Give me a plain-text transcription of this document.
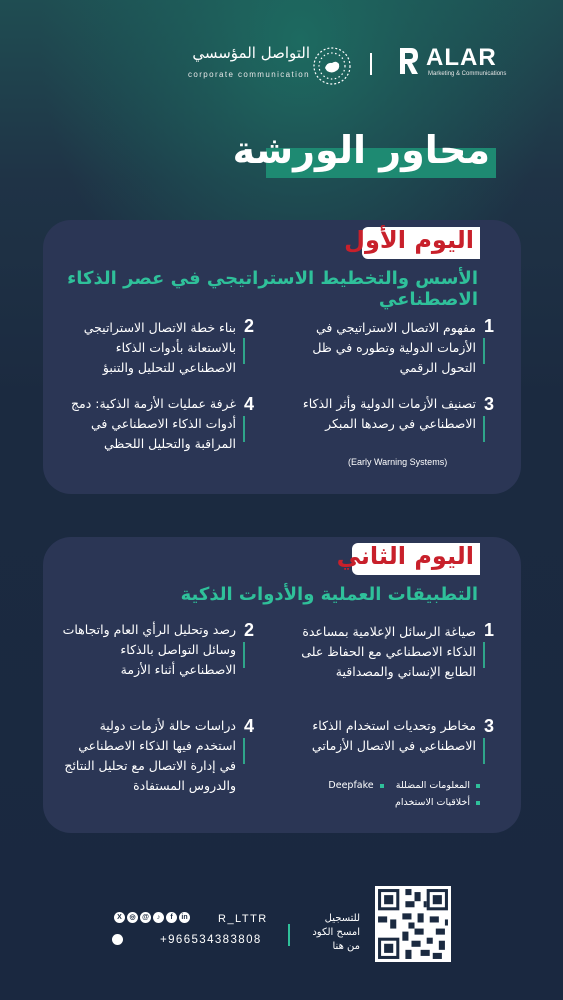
ALAR
Marketing & Communications
التواصل المؤسسي
corporate communication
محاور الورشة
اليوم الأول
الأسس والتخطيط الاستراتيجي في عصر الذكاء الاصطناعي
1
مفهوم الاتصال الاستراتيجي في الأزمات الدولية وتطوره في ظل التحول الرقمي
2
بناء خطة الاتصال الاستراتيجي بالاستعانة بأدوات الذكاء الاصطناعي للتحليل والتنبؤ
3
تصنيف الأزمات الدولية وأثر الذكاء الاصطناعي في رصدها المبكر
(Early Warning Systems)
4
غرفة عمليات الأزمة الذكية: دمج أدوات الذكاء الاصطناعي في المراقبة والتحليل اللحظي
اليوم الثاني
التطبيقات العملية والأدوات الذكية
1
صياغة الرسائل الإعلامية بمساعدة الذكاء الاصطناعي مع الحفاظ على الطابع الإنساني والمصداقية
2
رصد وتحليل الرأي العام واتجاهات وسائل التواصل بالذكاء الاصطناعي أثناء الأزمة
3
مخاطر وتحديات استخدام الذكاء الاصطناعي في الاتصال الأزماتي
المعلومات المضللة    Deepfake
أخلاقيات الاستخدام
4
دراسات حالة لأزمات دولية استخدم فيها الذكاء الاصطناعي في إدارة الاتصال مع تحليل النتائج والدروس المستفادة
للتسجيل
امسح الكود
من هنا
R_LTTR
+966534383808
X ◎ @ ♪ f in
